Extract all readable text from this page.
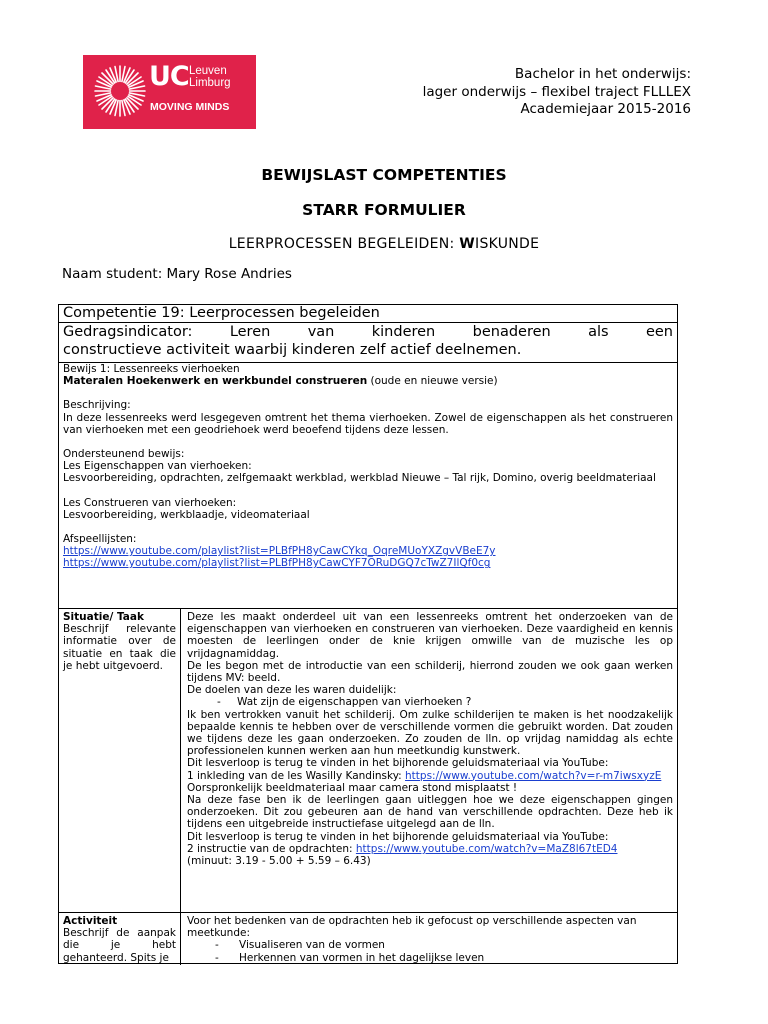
UC Leuven
Limburg
MOVING MINDS
Bachelor in het onderwijs:
lager onderwijs – flexibel traject FLLLEX
Academiejaar 2015-2016
BEWIJSLAST COMPETENTIES
STARR FORMULIER
LEERPROCESSEN BEGELEIDEN: WISKUNDE
Naam student: Mary Rose Andries
Competentie 19: Leerprocessen begeleiden
Gedragsindicator: Leren van kinderen benaderen als een
constructieve activiteit waarbij kinderen zelf actief deelnemen.

Bewijs 1: Lessenreeks vierhoeken

Materalen Hoekenwerk en werkbundel construeren (oude en nieuwe versie)

Beschrijving:

In deze lessenreeks werd lesgegeven omtrent het thema vierhoeken. Zowel de eigenschappen als het construeren van vierhoeken met een geodriehoek werd beoefend tijdens deze lessen.

Ondersteunend bewijs:

Les Eigenschappen van vierhoeken:

Lesvoorbereiding, opdrachten, zelfgemaakt werkblad, werkblad Nieuwe – Tal rijk, Domino, overig beeldmateriaal

Les Construeren van vierhoeken:

Lesvoorbereiding, werkblaadje, videomateriaal

Afspeellijsten:

https://www.youtube.com/playlist?list=PLBfPH8yCawCYkq_OqreMUoYXZgvVBeE7y

https://www.youtube.com/playlist?list=PLBfPH8yCawCYF7ORuDGQ7cTwZ7IlQf0cg

Situatie/ Taak
Beschrijf relevante informatie over de situatie en taak die je hebt uitgevoerd.

Deze les maakt onderdeel uit van een lessenreeks omtrent het onderzoeken van de eigenschappen van vierhoeken en construeren van vierhoeken. Deze vaardigheid en kennis moesten de leerlingen onder de knie krijgen omwille van de muzische les op vrijdagnamiddag.

De les begon met de introductie van een schilderij, hierrond zouden we ook gaan werken tijdens MV: beeld.

De doelen van deze les waren duidelijk:

- Wat zijn de eigenschappen van vierhoeken ?

Ik ben vertrokken vanuit het schilderij. Om zulke schilderijen te maken is het noodzakelijk bepaalde kennis te hebben over de verschillende vormen die gebruikt worden. Dat zouden we tijdens deze les gaan onderzoeken. Zo zouden de lln. op vrijdag namiddag als echte professionelen kunnen werken aan hun meetkundig kunstwerk.

Dit lesverloop is terug te vinden in het bijhorende geluidsmateriaal via YouTube:

1 inkleding van de les Wasilly Kandinsky: https://www.youtube.com/watch?v=r-m7iwsxyzE

Oorspronkelijk beeldmateriaal maar camera stond misplaatst !

Na deze fase ben ik de leerlingen gaan uitleggen hoe we deze eigenschappen gingen onderzoeken. Dit zou gebeuren aan de hand van verschillende opdrachten. Deze heb ik tijdens een uitgebreide instructiefase uitgelegd aan de lln.

Dit lesverloop is terug te vinden in het bijhorende geluidsmateriaal via YouTube:

2 instructie van de opdrachten: https://www.youtube.com/watch?v=MaZ8l67tED4

(minuut: 3.19 - 5.00 + 5.59 – 6.43)

Activiteit
Beschrijf de aanpak die je hebt gehanteerd. Spits je

Voor het bedenken van de opdrachten heb ik gefocust op verschillende aspecten van meetkunde:

- Visualiseren van de vormen

- Herkennen van vormen in het dagelijkse leven
